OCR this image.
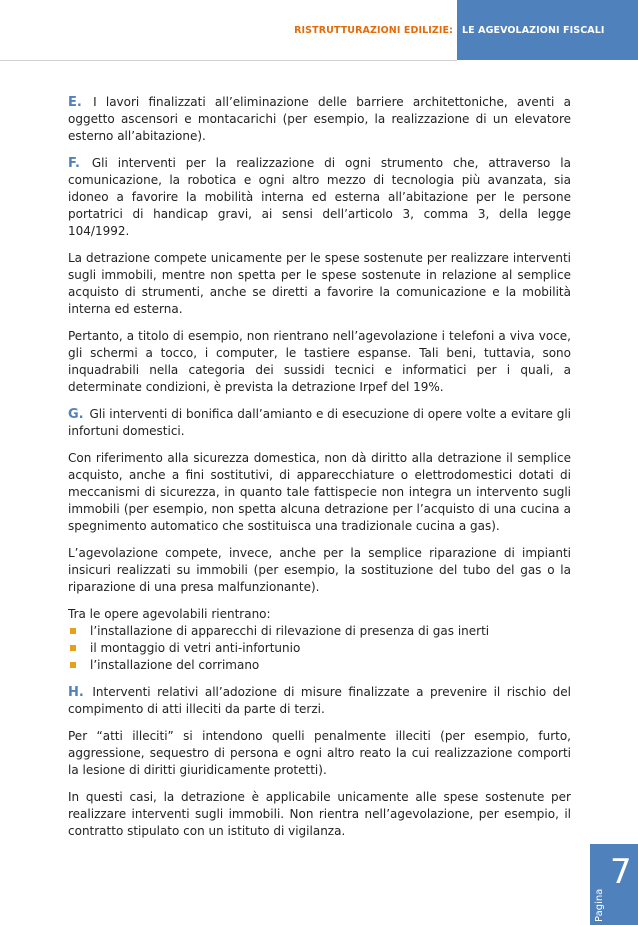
RISTRUTTURAZIONI EDILIZIE: LE AGEVOLAZIONI FISCALI

E. I lavori finalizzati all’eliminazione delle barriere architettoniche, aventi a oggetto ascensori e montacarichi (per esempio, la realizzazione di un elevatore esterno all’abitazione).

F. Gli interventi per la realizzazione di ogni strumento che, attraverso la comunicazione, la robotica e ogni altro mezzo di tecnologia più avanzata, sia idoneo a favorire la mobilità interna ed esterna all’abitazione per le persone portatrici di handicap gravi, ai sensi dell’articolo 3, comma 3, della legge 104/1992.

La detrazione compete unicamente per le spese sostenute per realizzare interventi sugli immobili, mentre non spetta per le spese sostenute in relazione al semplice acquisto di strumenti, anche se diretti a favorire la comunicazione e la mobilità interna ed esterna.

Pertanto, a titolo di esempio, non rientrano nell’agevolazione i telefoni a viva voce, gli schermi a tocco, i computer, le tastiere espanse. Tali beni, tuttavia, sono inquadrabili nella categoria dei sussidi tecnici e informatici per i quali, a determinate condizioni, è prevista la detrazione Irpef del 19%.

G. Gli interventi di bonifica dall’amianto e di esecuzione di opere volte a evitare gli infortuni domestici.

Con riferimento alla sicurezza domestica, non dà diritto alla detrazione il semplice acquisto, anche a fini sostitutivi, di apparecchiature o elettrodomestici dotati di meccanismi di sicurezza, in quanto tale fattispecie non integra un intervento sugli immobili (per esempio, non spetta alcuna detrazione per l’acquisto di una cucina a spegnimento automatico che sostituisca una tradizionale cucina a gas).

L’agevolazione compete, invece, anche per la semplice riparazione di impianti insicuri realizzati su immobili (per esempio, la sostituzione del tubo del gas o la riparazione di una presa malfunzionante).

Tra le opere agevolabili rientrano:

l’installazione di apparecchi di rilevazione di presenza di gas inerti
il montaggio di vetri anti-infortunio
l’installazione del corrimano

H. Interventi relativi all’adozione di misure finalizzate a prevenire il rischio del compimento di atti illeciti da parte di terzi.

Per “atti illeciti” si intendono quelli penalmente illeciti (per esempio, furto, aggressione, sequestro di persona e ogni altro reato la cui realizzazione comporti la lesione di diritti giuridicamente protetti).

In questi casi, la detrazione è applicabile unicamente alle spese sostenute per realizzare interventi sugli immobili. Non rientra nell’agevolazione, per esempio, il contratto stipulato con un istituto di vigilanza.

Pagina
7
